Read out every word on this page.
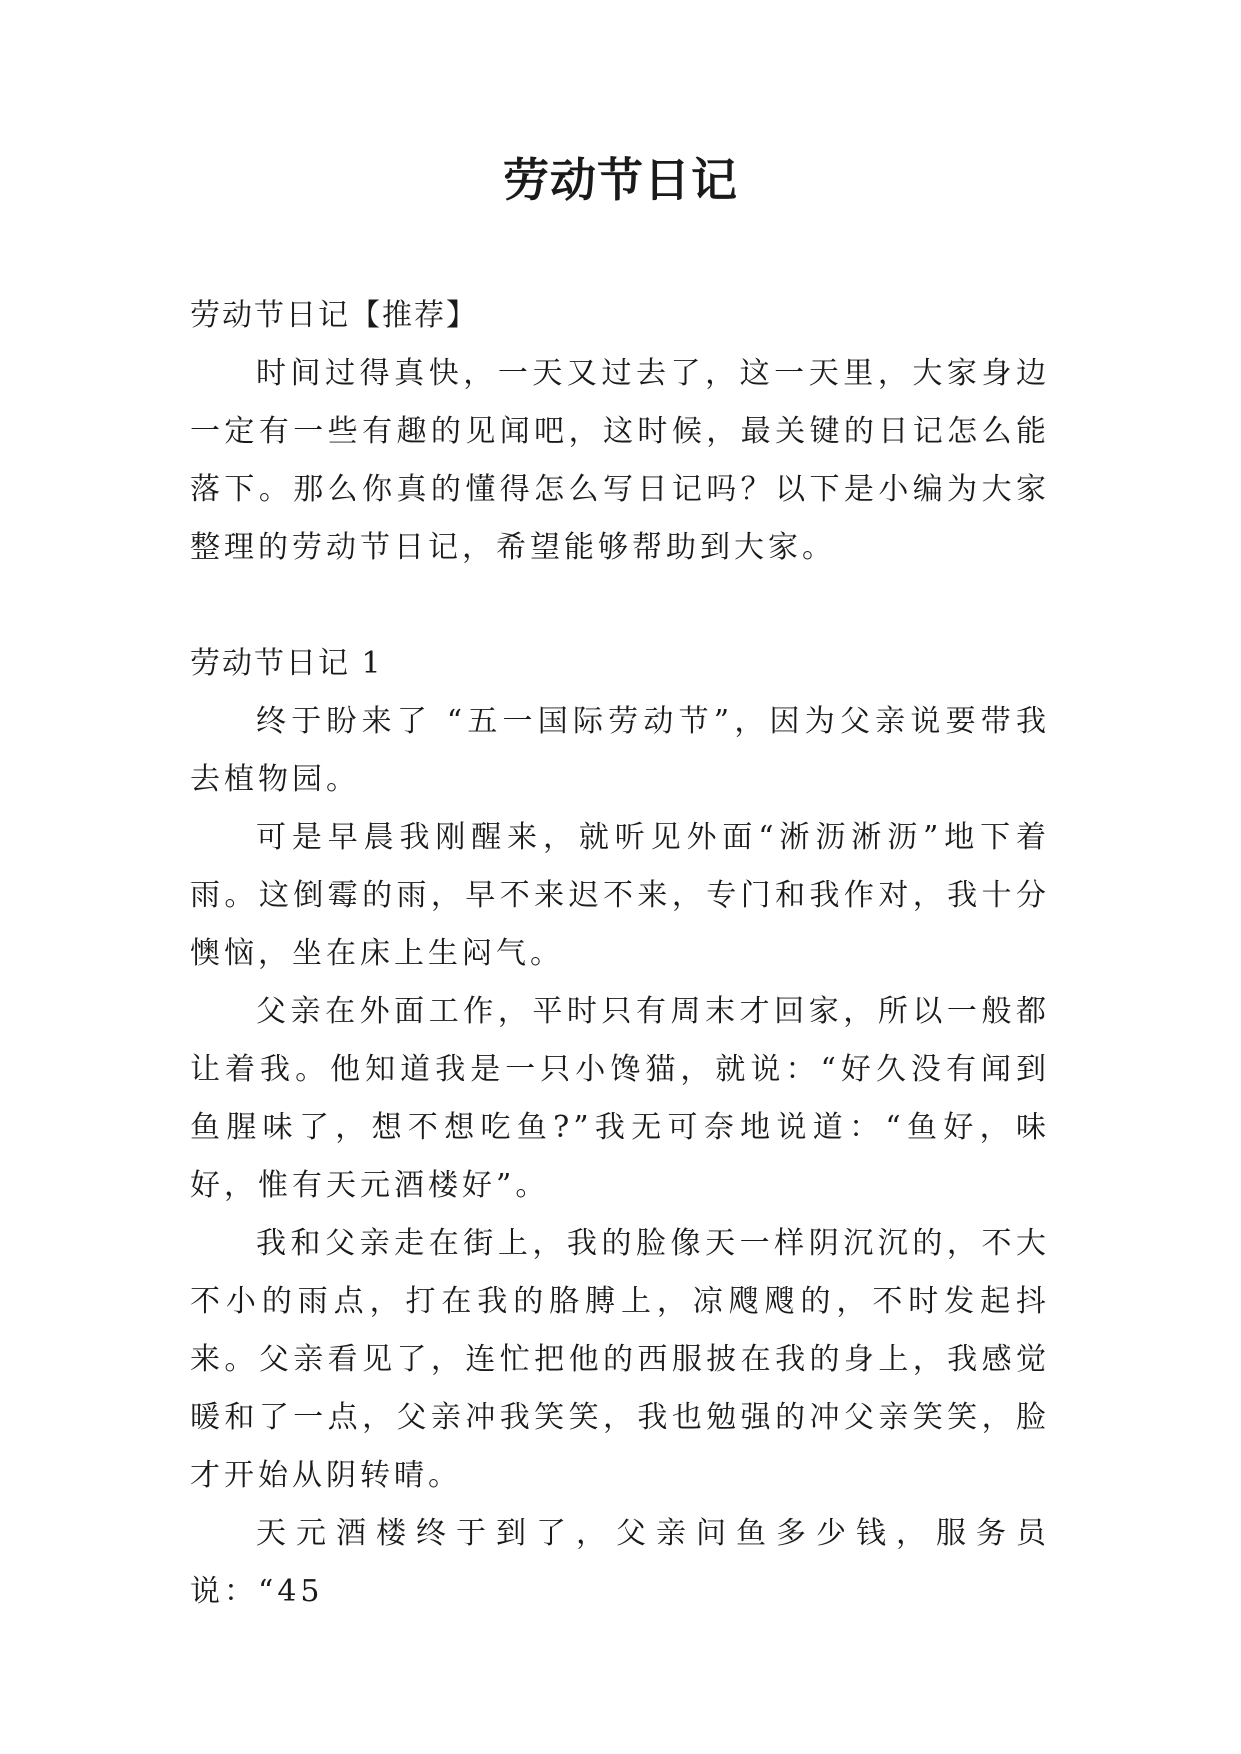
劳动节日记

劳动节日记【推荐】

时间过得真快，一天又过去了，这一天里，大家身边一定有一些有趣的见闻吧，这时候，最关键的日记怎么能落下。那么你真的懂得怎么写日记吗？以下是小编为大家整理的劳动节日记，希望能够帮助到大家。

劳动节日记 1

终于盼来了 “五一国际劳动节”，因为父亲说要带我去植物园。

可是早晨我刚醒来，就听见外面“淅沥淅沥”地下着雨。这倒霉的雨，早不来迟不来，专门和我作对，我十分懊恼，坐在床上生闷气。

父亲在外面工作，平时只有周末才回家，所以一般都让着我。他知道我是一只小馋猫，就说：“好久没有闻到鱼腥味了，想不想吃鱼?”我无可奈地说道：“鱼好，味好，惟有天元酒楼好”。

我和父亲走在街上，我的脸像天一样阴沉沉的，不大不小的雨点，打在我的胳膊上，凉飕飕的，不时发起抖来。父亲看见了，连忙把他的西服披在我的身上，我感觉暖和了一点，父亲冲我笑笑，我也勉强的冲父亲笑笑，脸才开始从阴转晴。

天元酒楼终于到了，父亲问鱼多少钱，服务员说：“45
